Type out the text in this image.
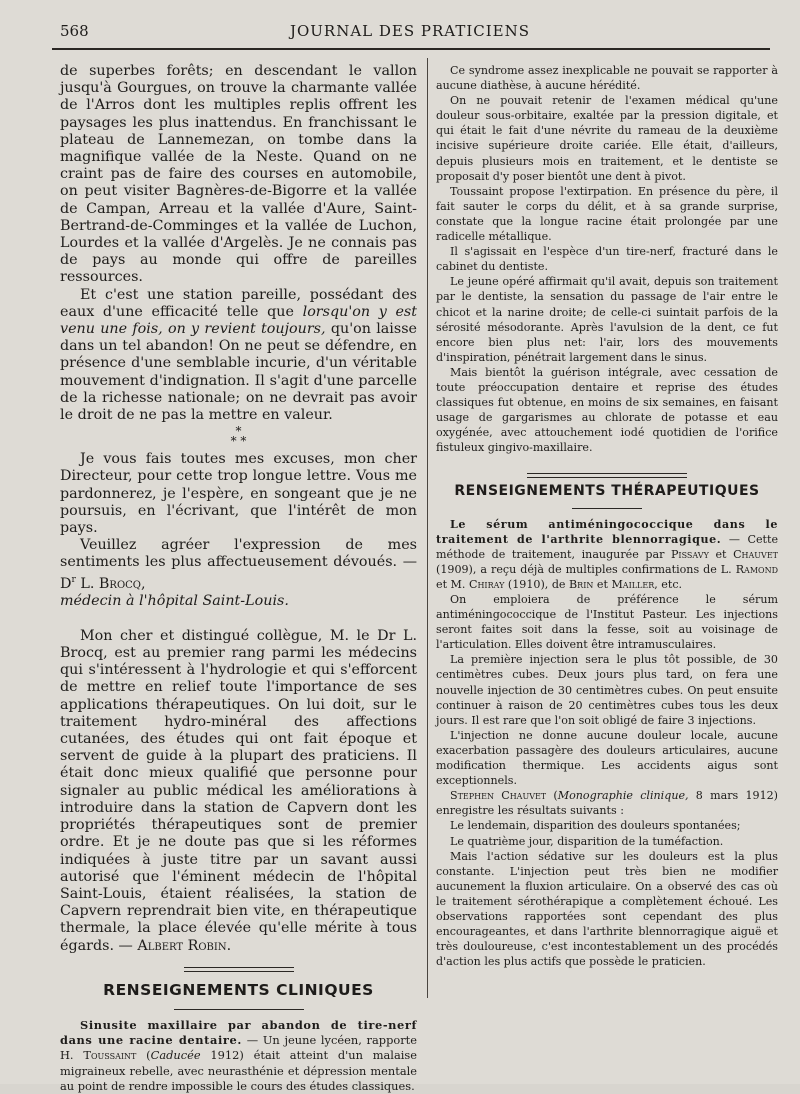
568	JOURNAL DES PRATICIENS

de superbes forêts; en descendant le vallon jusqu'à Gourgues, on trouve la charmante vallée de l'Arros dont les multiples replis offrent les paysages les plus inattendus. En franchissant le plateau de Lannemezan, on tombe dans la magnifique vallée de la Neste. Quand on ne craint pas de faire des courses en automobile, on peut visiter Bagnères-de-Bigorre et la vallée de Campan, Arreau et la vallée d'Aure, Saint-Bertrand-de-Comminges et la vallée de Luchon, Lourdes et la vallée d'Argelès. Je ne connais pas de pays au monde qui offre de pareilles ressources.

Et c'est une station pareille, possédant des eaux d'une efficacité telle que lorsqu'on y est venu une fois, on y revient toujours, qu'on laisse dans un tel abandon! On ne peut se défendre, en présence d'une semblable incurie, d'un véritable mouvement d'indignation. Il s'agit d'une parcelle de la richesse nationale; on ne devrait pas avoir le droit de ne pas la mettre en valeur.

*
* *

Je vous fais toutes mes excuses, mon cher Directeur, pour cette trop longue lettre. Vous me pardonnerez, je l'espère, en songeant que je ne poursuis, en l'écrivant, que l'intérêt de mon pays.

Veuillez agréer l'expression de mes sentiments les plus affectueusement dévoués. — $D^r$ L. Brocq,

médecin à l'hôpital Saint-Louis.

Mon cher et distingué collègue, M. le Dr L. Brocq, est au premier rang parmi les médecins qui s'intéressent à l'hydrologie et qui s'efforcent de mettre en relief toute l'importance de ses applications thérapeutiques. On lui doit, sur le traitement hydro-minéral des affections cutanées, des études qui ont fait époque et servent de guide à la plupart des praticiens. Il était donc mieux qualifié que personne pour signaler au public médical les améliorations à introduire dans la station de Capvern dont les propriétés thérapeutiques sont de premier ordre. Et je ne doute pas que si les réformes indiquées à juste titre par un savant aussi autorisé que l'éminent médecin de l'hôpital Saint-Louis, étaient réalisées, la station de Capvern reprendrait bien vite, en thérapeutique thermale, la place élevée qu'elle mérite à tous égards. — Albert Robin.

RENSEIGNEMENTS CLINIQUES

Sinusite maxillaire par abandon de tire-nerf dans une racine dentaire. — Un jeune lycéen, rapporte H. Toussaint (Caducée 1912) était atteint d'un malaise migraineux rebelle, avec neurasthénie et dépression mentale au point de rendre impossible le cours des études classiques.

Ce syndrome assez inexplicable ne pouvait se rapporter à aucune diathèse, à aucune hérédité.

On ne pouvait retenir de l'examen médical qu'une douleur sous-orbitaire, exaltée par la pression digitale, et qui était le fait d'une névrite du rameau de la deuxième incisive supérieure droite cariée. Elle était, d'ailleurs, depuis plusieurs mois en traitement, et le dentiste se proposait d'y poser bientôt une dent à pivot.

Toussaint propose l'extirpation. En présence du père, il fait sauter le corps du délit, et à sa grande surprise, constate que la longue racine était prolongée par une radicelle métallique.

Il s'agissait en l'espèce d'un tire-nerf, fracturé dans le cabinet du dentiste.

Le jeune opéré affirmait qu'il avait, depuis son traitement par le dentiste, la sensation du passage de l'air entre le chicot et la narine droite; de celle-ci suintait parfois de la sérosité mésodorante. Après l'avulsion de la dent, ce fut encore bien plus net: l'air, lors des mouvements d'inspiration, pénétrait largement dans le sinus.

Mais bientôt la guérison intégrale, avec cessation de toute préoccupation dentaire et reprise des études classiques fut obtenue, en moins de six semaines, en faisant usage de gargarismes au chlorate de potasse et eau oxygénée, avec attouchement iodé quotidien de l'orifice fistuleux gingivo-maxillaire.

RENSEIGNEMENTS THÉRAPEUTIQUES

Le sérum antiméningococcique dans le traitement de l'arthrite blennorragique. — Cette méthode de traitement, inaugurée par Pissavy et Chauvet (1909), a reçu déjà de multiples confirmations de L. Ramond et M. Chiray (1910), de Brin et Mailler, etc.

On emploiera de préférence le sérum antiméningococcique de l'Institut Pasteur. Les injections seront faites soit dans la fesse, soit au voisinage de l'articulation. Elles doivent être intramusculaires.

La première injection sera le plus tôt possible, de 30 centimètres cubes. Deux jours plus tard, on fera une nouvelle injection de 30 centimètres cubes. On peut ensuite continuer à raison de 20 centimètres cubes tous les deux jours. Il est rare que l'on soit obligé de faire 3 injections.

L'injection ne donne aucune douleur locale, aucune exacerbation passagère des douleurs articulaires, aucune modification thermique. Les accidents aigus sont exceptionnels.

Stephen Chauvet (Monographie clinique, 8 mars 1912) enregistre les résultats suivants :

Le lendemain, disparition des douleurs spontanées;

Le quatrième jour, disparition de la tuméfaction.

Mais l'action sédative sur les douleurs est la plus constante. L'injection peut très bien ne modifier aucunement la fluxion articulaire. On a observé des cas où le traitement sérothérapique a complètement échoué. Les observations rapportées sont cependant des plus encourageantes, et dans l'arthrite blennorragique aiguë et très douloureuse, c'est incontestablement un des procédés d'action les plus actifs que possède le praticien.
